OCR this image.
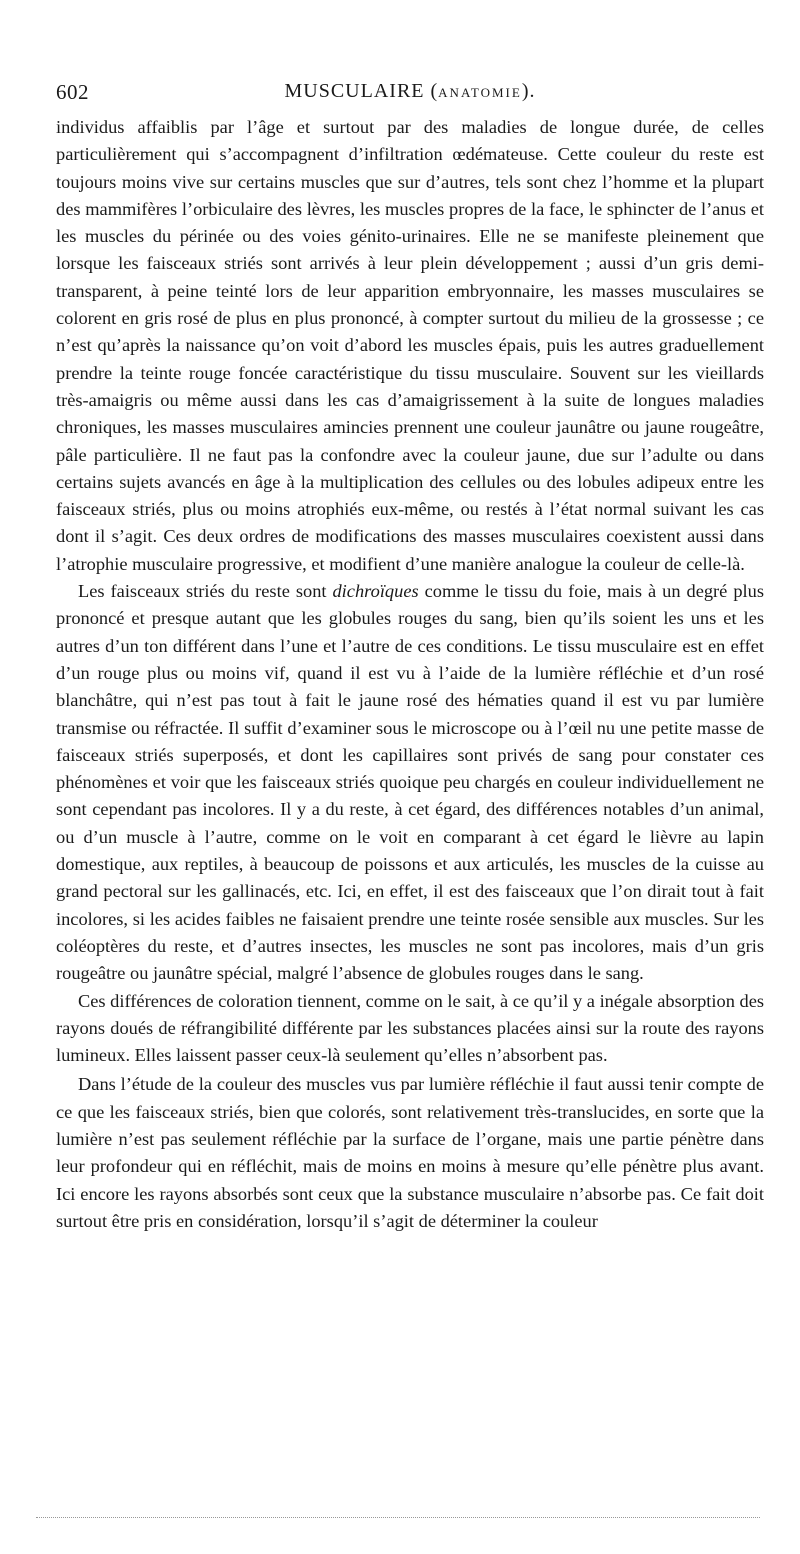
602	MUSCULAIRE (ANATOMIE).

individus affaiblis par l’âge et surtout par des maladies de longue durée, de celles particulièrement qui s’accompagnent d’infiltration œdémateuse. Cette couleur du reste est toujours moins vive sur certains muscles que sur d’autres, tels sont chez l’homme et la plupart des mammifères l’orbiculaire des lèvres, les muscles propres de la face, le sphincter de l’anus et les muscles du périnée ou des voies génito-urinaires. Elle ne se manifeste pleinement que lorsque les faisceaux striés sont arrivés à leur plein développement ; aussi d’un gris demi-transparent, à peine teinté lors de leur apparition embryonnaire, les masses musculaires se colorent en gris rosé de plus en plus prononcé, à compter surtout du milieu de la grossesse ; ce n’est qu’après la naissance qu’on voit d’abord les muscles épais, puis les autres graduellement prendre la teinte rouge foncée caractéristique du tissu musculaire. Souvent sur les vieillards très-amaigris ou même aussi dans les cas d’amaigrissement à la suite de longues maladies chroniques, les masses musculaires amincies prennent une couleur jaunâtre ou jaune rougeâtre, pâle particulière. Il ne faut pas la confondre avec la couleur jaune, due sur l’adulte ou dans certains sujets avancés en âge à la multiplication des cellules ou des lobules adipeux entre les faisceaux striés, plus ou moins atrophiés eux-même, ou restés à l’état normal suivant les cas dont il s’agit. Ces deux ordres de modifications des masses musculaires coexistent aussi dans l’atrophie musculaire progressive, et modifient d’une manière analogue la couleur de celle-là.

Les faisceaux striés du reste sont dichroïques comme le tissu du foie, mais à un degré plus prononcé et presque autant que les globules rouges du sang, bien qu’ils soient les uns et les autres d’un ton différent dans l’une et l’autre de ces conditions. Le tissu musculaire est en effet d’un rouge plus ou moins vif, quand il est vu à l’aide de la lumière réfléchie et d’un rosé blanchâtre, qui n’est pas tout à fait le jaune rosé des hématies quand il est vu par lumière transmise ou réfractée. Il suffit d’examiner sous le microscope ou à l’œil nu une petite masse de faisceaux striés superposés, et dont les capillaires sont privés de sang pour constater ces phénomènes et voir que les faisceaux striés quoique peu chargés en couleur individuellement ne sont cependant pas incolores. Il y a du reste, à cet égard, des différences notables d’un animal, ou d’un muscle à l’autre, comme on le voit en comparant à cet égard le lièvre au lapin domestique, aux reptiles, à beaucoup de poissons et aux articulés, les muscles de la cuisse au grand pectoral sur les gallinacés, etc. Ici, en effet, il est des faisceaux que l’on dirait tout à fait incolores, si les acides faibles ne faisaient prendre une teinte rosée sensible aux muscles. Sur les coléoptères du reste, et d’autres insectes, les muscles ne sont pas incolores, mais d’un gris rougeâtre ou jaunâtre spécial, malgré l’absence de globules rouges dans le sang.

Ces différences de coloration tiennent, comme on le sait, à ce qu’il y a inégale absorption des rayons doués de réfrangibilité différente par les substances placées ainsi sur la route des rayons lumineux. Elles laissent passer ceux-là seulement qu’elles n’absorbent pas.

Dans l’étude de la couleur des muscles vus par lumière réfléchie il faut aussi tenir compte de ce que les faisceaux striés, bien que colorés, sont relativement très-translucides, en sorte que la lumière n’est pas seulement réfléchie par la surface de l’organe, mais une partie pénètre dans leur profondeur qui en réfléchit, mais de moins en moins à mesure qu’elle pénètre plus avant. Ici encore les rayons absorbés sont ceux que la substance musculaire n’absorbe pas. Ce fait doit surtout être pris en considération, lorsqu’il s’agit de déterminer la couleur
